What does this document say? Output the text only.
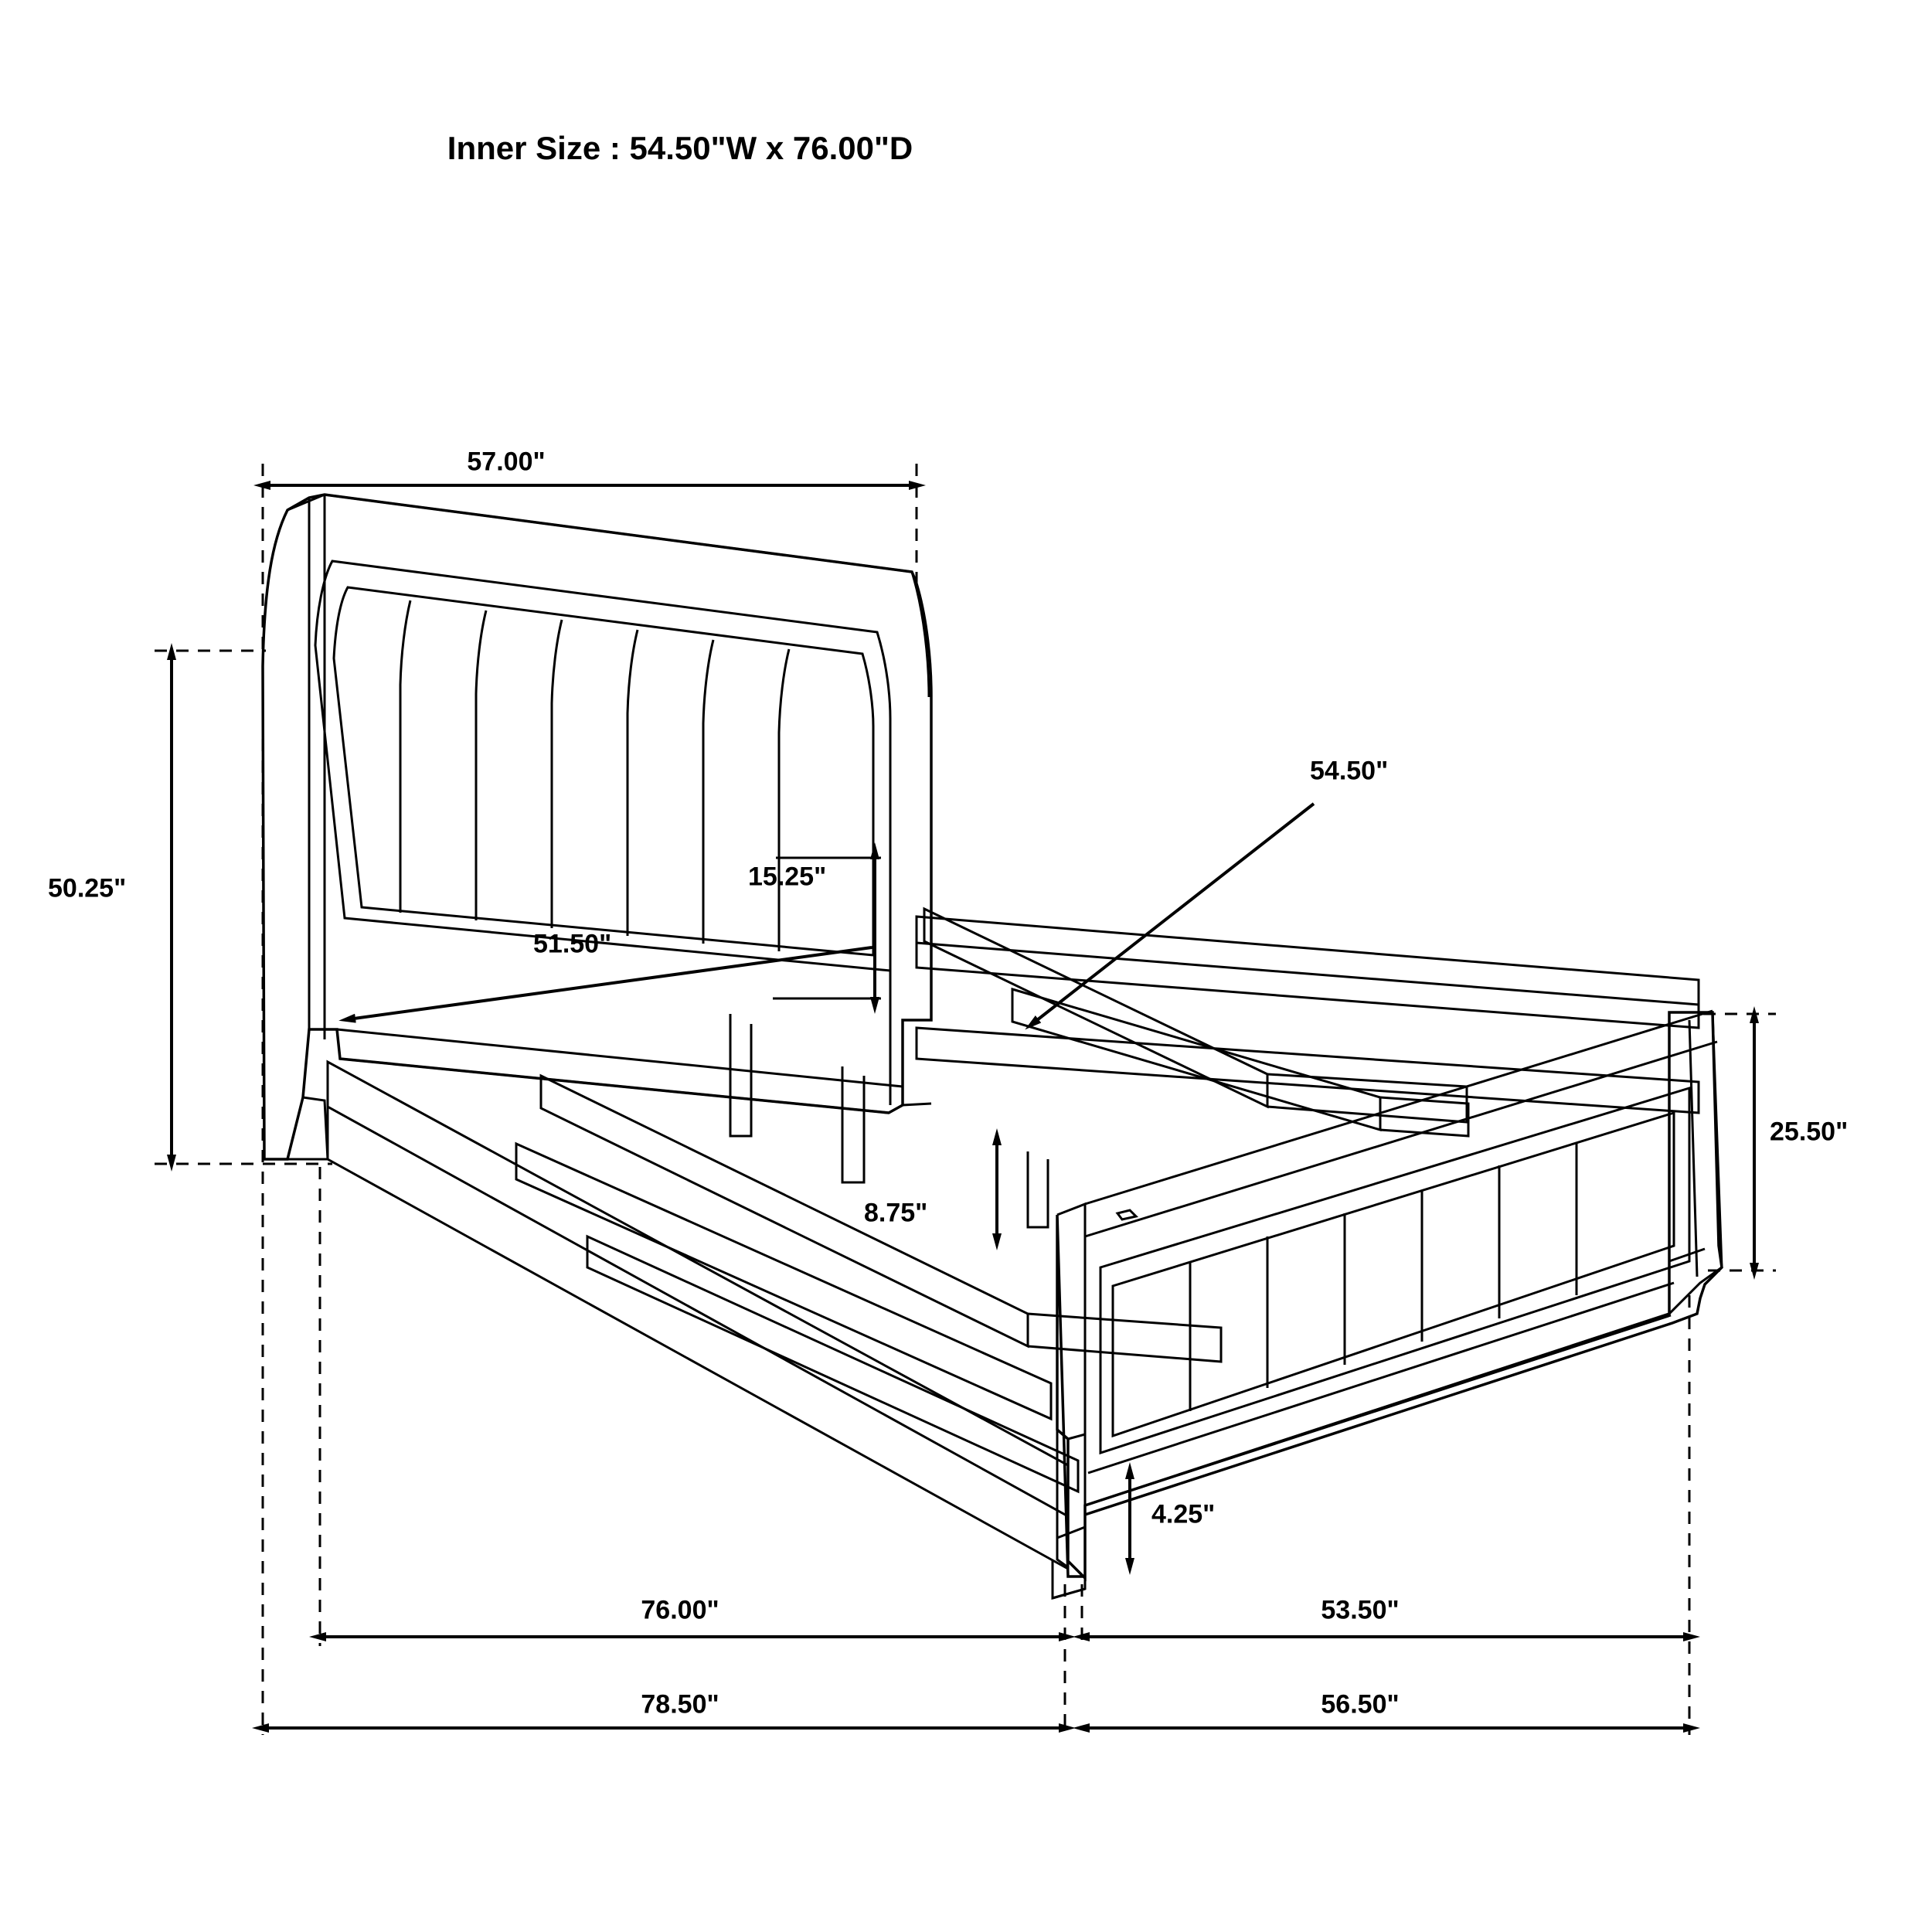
Inner Size : 54.50"W x 76.00"D
57.00"
50.25"
54.50"
15.25"
51.50"
25.50"
8.75"
4.25"
76.00"	53.50"
78.50"	56.50"
